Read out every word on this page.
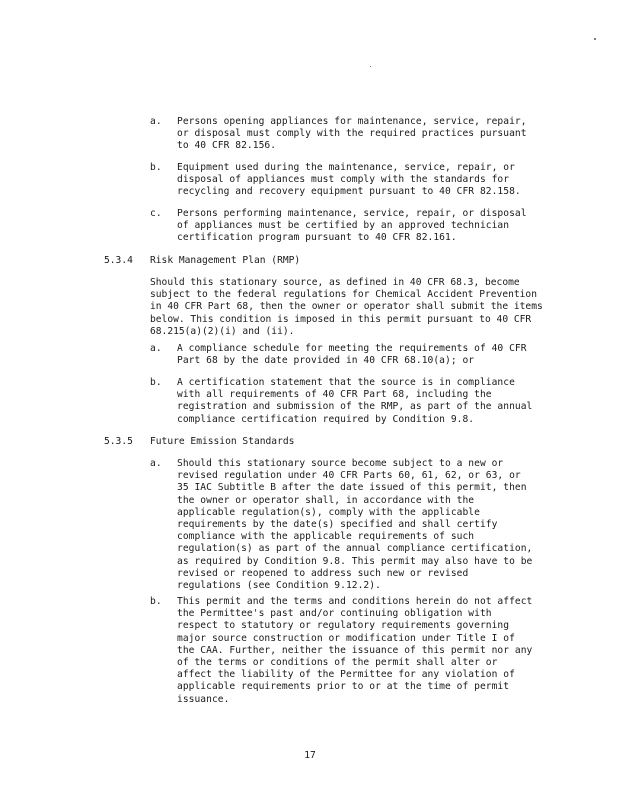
a. Persons opening appliances for maintenance, service, repair, or disposal must comply with the required practices pursuant to 40 CFR 82.156.

b. Equipment used during the maintenance, service, repair, or disposal of appliances must comply with the standards for recycling and recovery equipment pursuant to 40 CFR 82.158.

c. Persons performing maintenance, service, repair, or disposal of appliances must be certified by an approved technician certification program pursuant to 40 CFR 82.161.

5.3.4 Risk Management Plan (RMP)

Should this stationary source, as defined in 40 CFR 68.3, become subject to the federal regulations for Chemical Accident Prevention in 40 CFR Part 68, then the owner or operator shall submit the items below. This condition is imposed in this permit pursuant to 40 CFR 68.215(a)(2)(i) and (ii).

a. A compliance schedule for meeting the requirements of 40 CFR Part 68 by the date provided in 40 CFR 68.10(a); or

b. A certification statement that the source is in compliance with all requirements of 40 CFR Part 68, including the registration and submission of the RMP, as part of the annual compliance certification required by Condition 9.8.

5.3.5 Future Emission Standards
a. Should this stationary source become subject to a new or revised regulation under 40 CFR Parts 60, 61, 62, or 63, or 35 IAC Subtitle B after the date issued of this permit, then the owner or operator shall, in accordance with the applicable regulation(s), comply with the applicable requirements by the date(s) specified and shall certify compliance with the applicable requirements of such regulation(s) as part of the annual compliance certification, as required by Condition 9.8. This permit may also have to be revised or reopened to address such new or revised regulations (see Condition 9.12.2).

b. This permit and the terms and conditions herein do not affect the Permittee's past and/or continuing obligation with respect to statutory or regulatory requirements governing major source construction or modification under Title I of the CAA. Further, neither the issuance of this permit nor any of the terms or conditions of the permit shall alter or affect the liability of the Permittee for any violation of applicable requirements prior to or at the time of permit issuance.

17
